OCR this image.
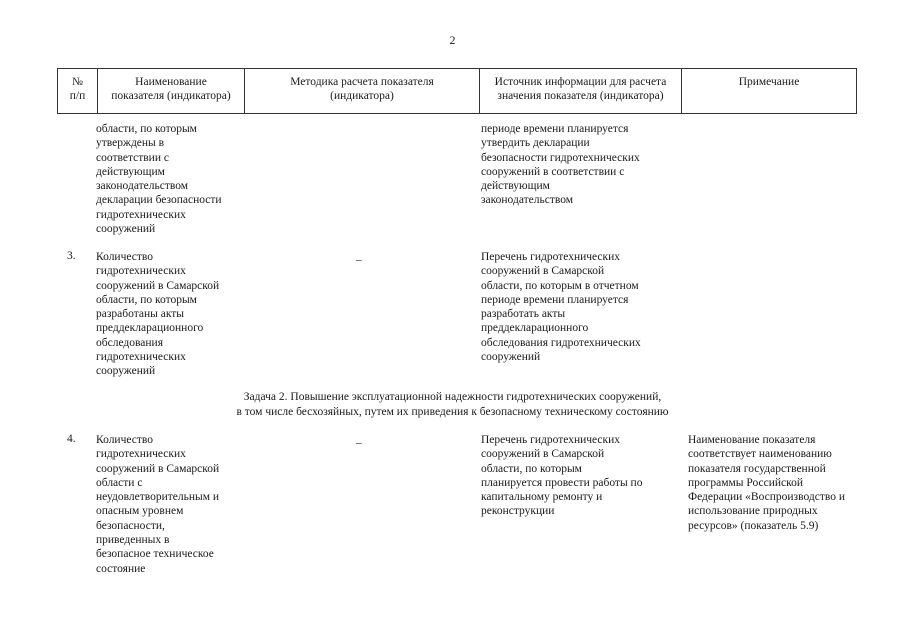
2
№
п/п
Наименование
показателя (индикатора)
Методика расчета показателя
(индикатора)
Источник информации для расчета
значения показателя (индикатора)
Примечание
области, по которым
утверждены в
соответствии с
действующим
законодательством
декларации безопасности
гидротехнических
сооружений
периоде времени планируется
утвердить декларации
безопасности гидротехнических
сооружений в соответствии с
действующим
законодательством
3. Количество
гидротехнических
сооружений в Самарской
области, по которым
разработаны акты
преддекларационного
обследования
гидротехнических
сооружений
_	Перечень гидротехнических
сооружений в Самарской
области, по которым в отчетном
периоде времени планируется
разработать акты
преддекларационного
обследования гидротехнических
сооружений
Задача 2. Повышение эксплуатационной надежности гидротехнических сооружений,
в том числе бесхозяйных, путем их приведения к безопасному техническому состоянию
4. Количество
гидротехнических
сооружений в Самарской
области с
неудовлетворительным и
опасным уровнем
безопасности,
приведенных в
безопасное техническое
состояние
_	Перечень гидротехнических
сооружений в Самарской
области, по которым
планируется провести работы по
капитальному ремонту и
реконструкции
Наименование показателя
соответствует наименованию
показателя государственной
программы Российской
Федерации «Воспроизводство и
использование природных
ресурсов» (показатель 5.9)
